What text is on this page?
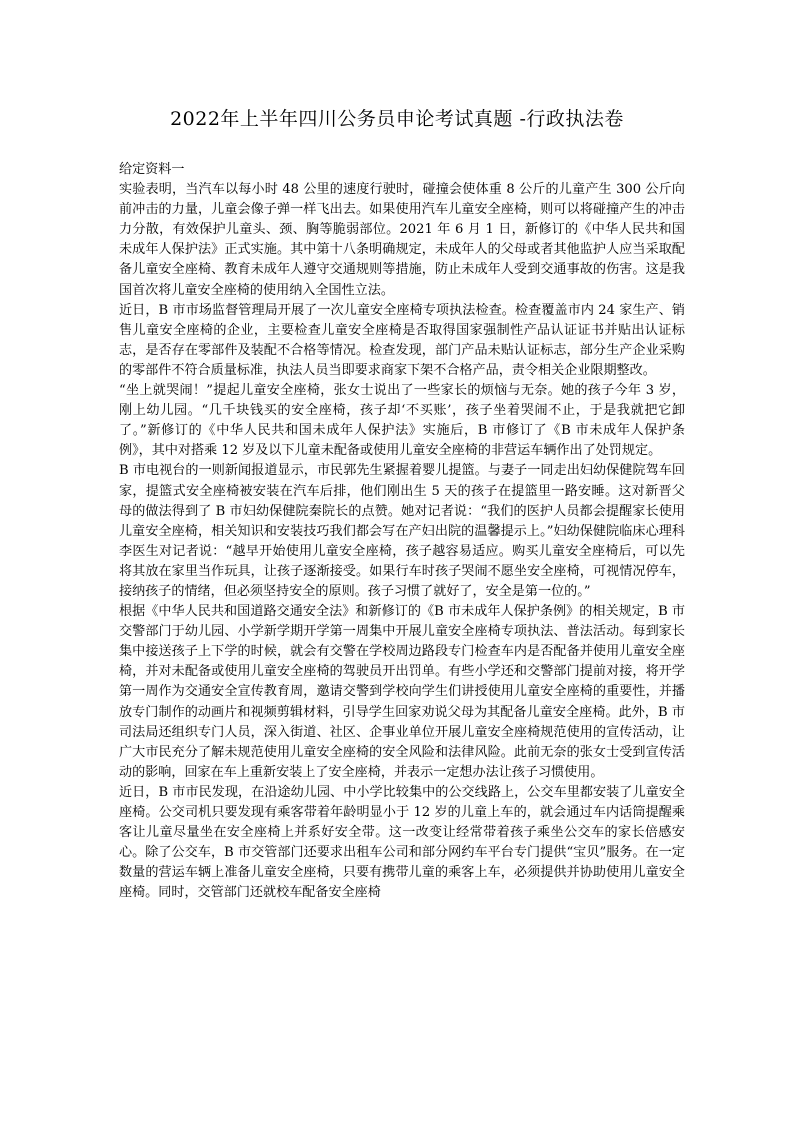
2022年上半年四川公务员申论考试真题 -行政执法卷

给定资料一

实验表明，当汽车以每小时 48 公里的速度行驶时，碰撞会使体重 8 公斤的儿童产生 300 公斤向前冲击的力量，儿童会像子弹一样飞出去。如果使用汽车儿童安全座椅，则可以将碰撞产生的冲击力分散，有效保护儿童头、颈、胸等脆弱部位。2021 年 6 月 1 日，新修订的《中华人民共和国未成年人保护法》正式实施。其中第十八条明确规定，未成年人的父母或者其他监护人应当采取配备儿童安全座椅、教育未成年人遵守交通规则等措施，防止未成年人受到交通事故的伤害。这是我国首次将儿童安全座椅的使用纳入全国性立法。

近日，B 市市场监督管理局开展了一次儿童安全座椅专项执法检查。检查覆盖市内 24 家生产、销售儿童安全座椅的企业，主要检查儿童安全座椅是否取得国家强制性产品认证证书并贴出认证标志，是否存在零部件及装配不合格等情况。检查发现，部门产品未贴认证标志，部分生产企业采购的零部件不符合质量标准，执法人员当即要求商家下架不合格产品，责令相关企业限期整改。

“坐上就哭闹！”提起儿童安全座椅，张女士说出了一些家长的烦恼与无奈。她的孩子今年 3 岁，刚上幼儿园。“几千块钱买的安全座椅，孩子却‘不买账’，孩子坐着哭闹不止，于是我就把它卸了。”新修订的《中华人民共和国未成年人保护法》实施后，B 市修订了《B 市未成年人保护条例》，其中对搭乘 12 岁及以下儿童未配备或使用儿童安全座椅的非营运车辆作出了处罚规定。

B 市电视台的一则新闻报道显示，市民郭先生紧握着婴儿提篮。与妻子一同走出妇幼保健院驾车回家，提篮式安全座椅被安装在汽车后排，他们刚出生 5 天的孩子在提篮里一路安睡。这对新晋父母的做法得到了 B 市妇幼保健院秦院长的点赞。她对记者说：“我们的医护人员都会提醒家长使用儿童安全座椅，相关知识和安装技巧我们都会写在产妇出院的温馨提示上。”妇幼保健院临床心理科李医生对记者说：“越早开始使用儿童安全座椅，孩子越容易适应。购买儿童安全座椅后，可以先将其放在家里当作玩具，让孩子逐渐接受。如果行车时孩子哭闹不愿坐安全座椅，可视情况停车，接纳孩子的情绪，但必须坚持安全的原则。孩子习惯了就好了，安全是第一位的。”

根据《中华人民共和国道路交通安全法》和新修订的《B 市未成年人保护条例》的相关规定，B 市交警部门于幼儿园、小学新学期开学第一周集中开展儿童安全座椅专项执法、普法活动。每到家长集中接送孩子上下学的时候，就会有交警在学校周边路段专门检查车内是否配备并使用儿童安全座椅，并对未配备或使用儿童安全座椅的驾驶员开出罚单。有些小学还和交警部门提前对接，将开学第一周作为交通安全宣传教育周，邀请交警到学校向学生们讲授使用儿童安全座椅的重要性，并播放专门制作的动画片和视频剪辑材料，引导学生回家劝说父母为其配备儿童安全座椅。此外，B 市司法局还组织专门人员，深入街道、社区、企事业单位开展儿童安全座椅规范使用的宣传活动，让广大市民充分了解未规范使用儿童安全座椅的安全风险和法律风险。此前无奈的张女士受到宣传活动的影响，回家在车上重新安装上了安全座椅，并表示一定想办法让孩子习惯使用。

近日，B 市市民发现，在沿途幼儿园、中小学比较集中的公交线路上，公交车里都安装了儿童安全座椅。公交司机只要发现有乘客带着年龄明显小于 12 岁的儿童上车的，就会通过车内话筒提醒乘客让儿童尽量坐在安全座椅上并系好安全带。这一改变让经常带着孩子乘坐公交车的家长倍感安心。除了公交车，B 市交管部门还要求出租车公司和部分网约车平台专门提供“宝贝”服务。在一定数量的营运车辆上准备儿童安全座椅，只要有携带儿童的乘客上车，必须提供并协助使用儿童安全座椅。同时，交管部门还就校车配备安全座椅
